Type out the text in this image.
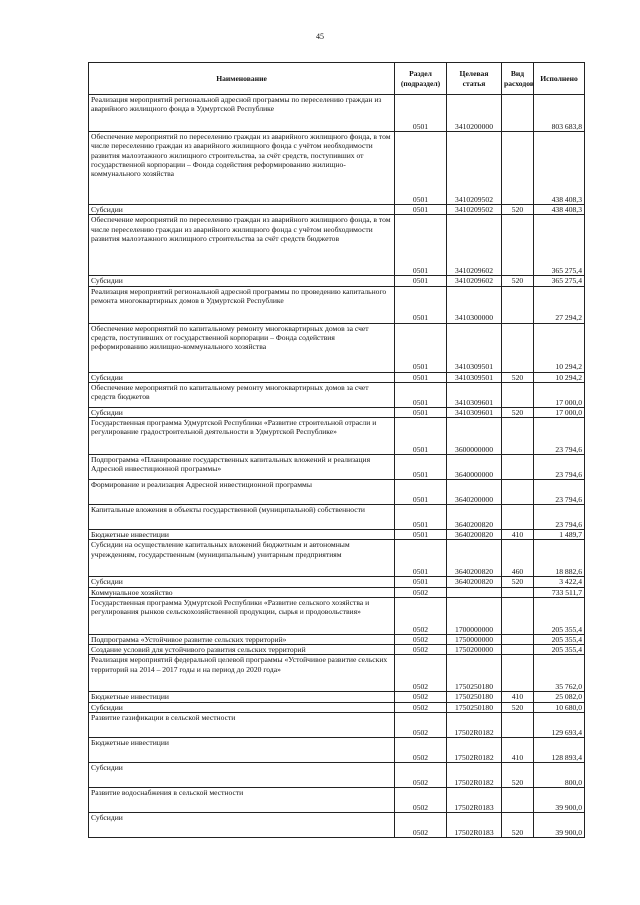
45
Наименование	Раздел (подраздел)	Целевая статья	Вид расходов	Исполнено
Реализация мероприятий региональной адресной программы по переселению граждан из аварийного жилищного фонда в Удмуртской Республике	0501	3410200000		803 683,8
Обеспечение мероприятий по переселению граждан из аварийного жилищного фонда, в том числе переселению граждан из аварийного жилищного фонда с учётом необходимости развития малоэтажного жилищного строительства, за счёт средств, поступивших от государственной корпорации – Фонда содействия реформированию жилищно-коммунального хозяйства	0501	3410209502		438 408,3
Субсидии	0501	3410209502	520	438 408,3
Обеспечение мероприятий по переселению граждан из аварийного жилищного фонда, в том числе переселению граждан из аварийного жилищного фонда с учётом необходимости развития малоэтажного жилищного строительства за счёт средств бюджетов	0501	3410209602		365 275,4
Субсидии	0501	3410209602	520	365 275,4
Реализация мероприятий региональной адресной программы по проведению капитального ремонта многоквартирных домов в Удмуртской Республике	0501	3410300000		27 294,2
Обеспечение мероприятий по капитальному ремонту многоквартирных домов за счет средств, поступивших от государственной корпорации – Фонда содействия реформированию жилищно-коммунального хозяйства	0501	3410309501		10 294,2
Субсидии	0501	3410309501	520	10 294,2
Обеспечение мероприятий по капитальному ремонту многоквартирных домов за счет средств бюджетов	0501	3410309601		17 000,0
Субсидии	0501	3410309601	520	17 000,0
Государственная программа Удмуртской Республики «Развитие строительной отрасли и регулирование градостроительной деятельности в Удмуртской Республике»	0501	3600000000		23 794,6
Подпрограмма «Планирование государственных капитальных вложений и реализация Адресной инвестиционной программы»	0501	3640000000		23 794,6
Формирование и реализация Адресной инвестиционной программы	0501	3640200000		23 794,6
Капитальные вложения в объекты государственной (муниципальной) собственности	0501	3640200820		23 794,6
Бюджетные инвестиции	0501	3640200820	410	1 489,7
Субсидии на осуществление капитальных вложений бюджетным и автономным учреждениям, государственным (муниципальным) унитарным предприятиям	0501	3640200820	460	18 882,6
Субсидии	0501	3640200820	520	3 422,4
Коммунальное хозяйство	0502			733 511,7
Государственная программа Удмуртской Республики «Развитие сельского хозяйства и регулирования рынков сельскохозяйственной продукции, сырья и продовольствия»	0502	1700000000		205 355,4
Подпрограмма «Устойчивое развитие сельских территорий»	0502	1750000000		205 355,4
Создание условий для устойчивого развития сельских территорий	0502	1750200000		205 355,4
Реализация мероприятий федеральной целевой программы «Устойчивое развитие сельских территорий на 2014 – 2017 годы и на период до 2020 года»	0502	1750250180		35 762,0
Бюджетные инвестиции	0502	1750250180	410	25 082,0
Субсидии	0502	1750250180	520	10 680,0
Развитие газификации в сельской местности	0502	17502R0182		129 693,4
Бюджетные инвестиции	0502	17502R0182	410	128 893,4
Субсидии	0502	17502R0182	520	800,0
Развитие водоснабжения в сельской местности	0502	17502R0183		39 900,0
Субсидии	0502	17502R0183	520	39 900,0
